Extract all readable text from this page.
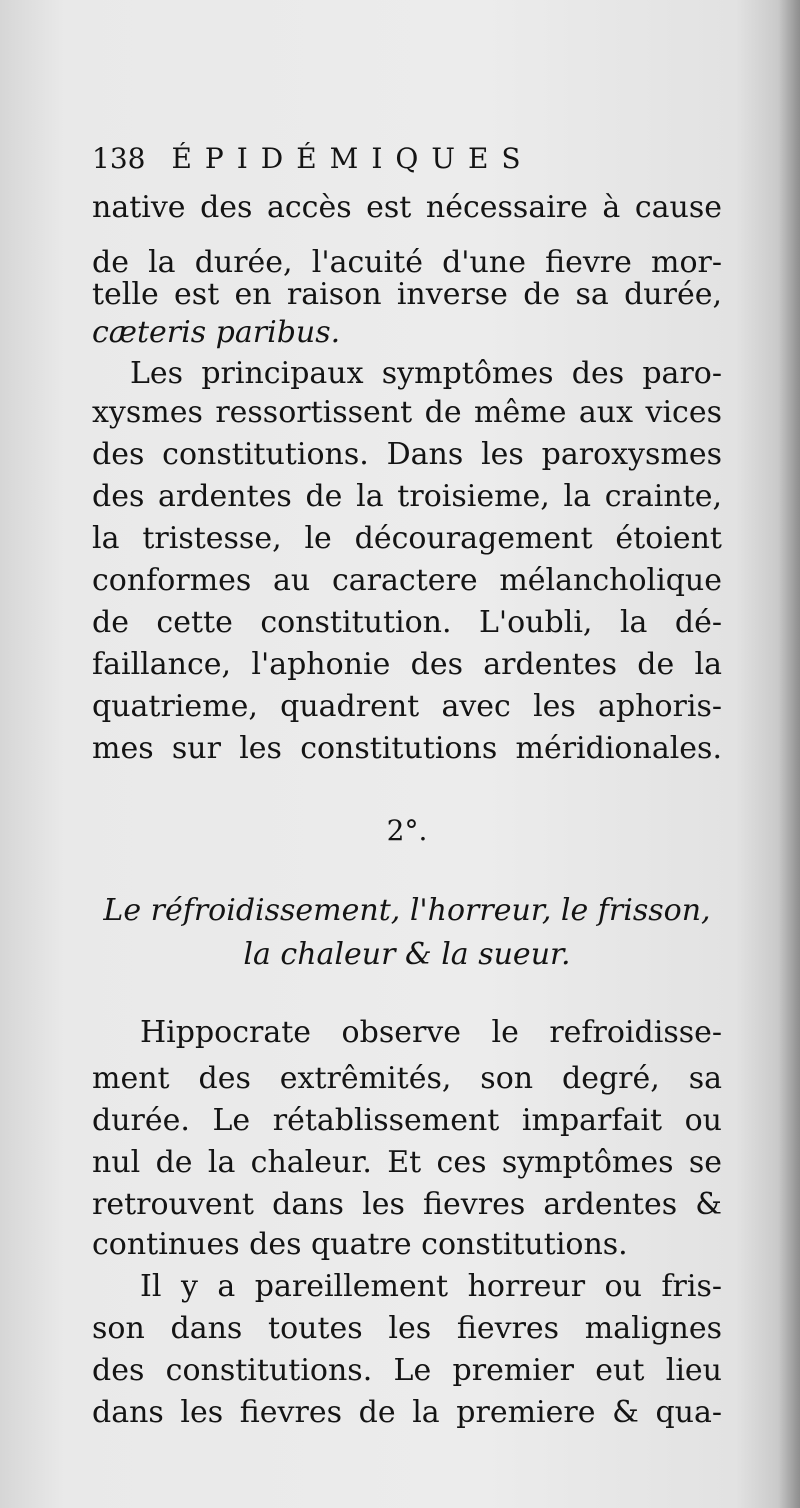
138 ÉPIDÉMIQUES
native des accès est nécessaire à cause
de la durée, l'acuité d'une fievre mor-
telle est en raison inverse de sa durée,
cæteris paribus.
Les principaux symptômes des paro-
xysmes ressortissent de même aux vices
des constitutions. Dans les paroxysmes
des ardentes de la troisieme, la crainte,
la tristesse, le découragement étoient
conformes au caractere mélancholique
de cette constitution. L'oubli, la dé-
faillance, l'aphonie des ardentes de la
quatrieme, quadrent avec les aphoris-
mes sur les constitutions méridionales.
2°.
Le réfroidissement, l'horreur, le frisson,
la chaleur & la sueur.
Hippocrate observe le refroidisse-
ment des extrêmités, son degré, sa
durée. Le rétablissement imparfait ou
nul de la chaleur. Et ces symptômes se
retrouvent dans les fievres ardentes &
continues des quatre constitutions.
Il y a pareillement horreur ou fris-
son dans toutes les fievres malignes
des constitutions. Le premier eut lieu
dans les fievres de la premiere & qua-
